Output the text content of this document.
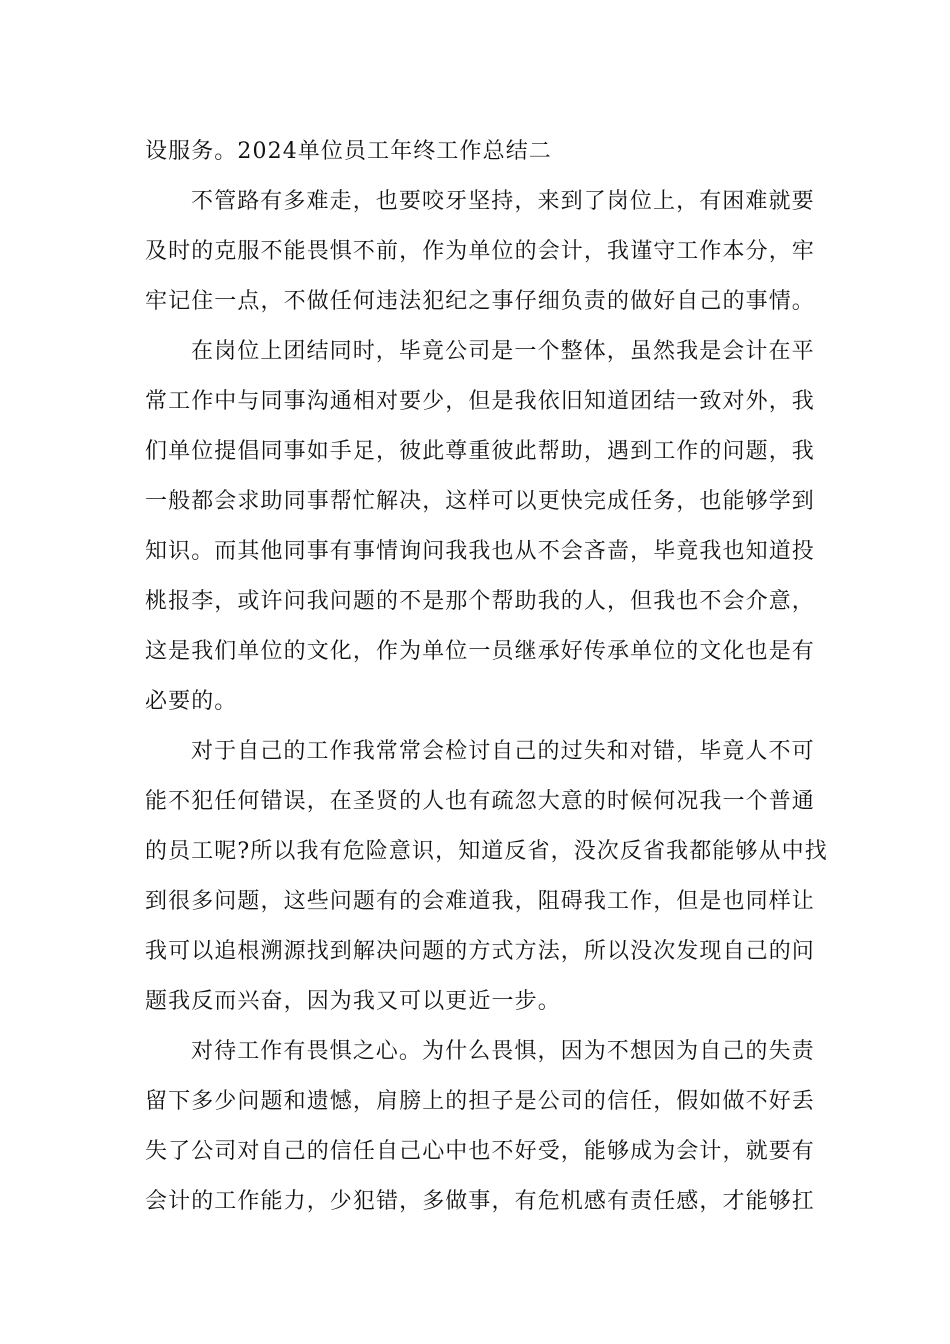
设服务。2024单位员工年终工作总结二
不管路有多难走，也要咬牙坚持，来到了岗位上，有困难就要
及时的克服不能畏惧不前，作为单位的会计，我谨守工作本分，牢
牢记住一点，不做任何违法犯纪之事仔细负责的做好自己的事情。
在岗位上团结同时，毕竟公司是一个整体，虽然我是会计在平
常工作中与同事沟通相对要少，但是我依旧知道团结一致对外，我
们单位提倡同事如手足，彼此尊重彼此帮助，遇到工作的问题，我
一般都会求助同事帮忙解决，这样可以更快完成任务，也能够学到
知识。而其他同事有事情询问我我也从不会吝啬，毕竟我也知道投
桃报李，或许问我问题的不是那个帮助我的人，但我也不会介意，
这是我们单位的文化，作为单位一员继承好传承单位的文化也是有
必要的。
对于自己的工作我常常会检讨自己的过失和对错，毕竟人不可
能不犯任何错误，在圣贤的人也有疏忽大意的时候何况我一个普通
的员工呢?所以我有危险意识，知道反省，没次反省我都能够从中找
到很多问题，这些问题有的会难道我，阻碍我工作，但是也同样让
我可以追根溯源找到解决问题的方式方法，所以没次发现自己的问
题我反而兴奋，因为我又可以更近一步。
对待工作有畏惧之心。为什么畏惧，因为不想因为自己的失责
留下多少问题和遗憾，肩膀上的担子是公司的信任，假如做不好丢
失了公司对自己的信任自己心中也不好受，能够成为会计，就要有
会计的工作能力，少犯错，多做事，有危机感有责任感，才能够扛
